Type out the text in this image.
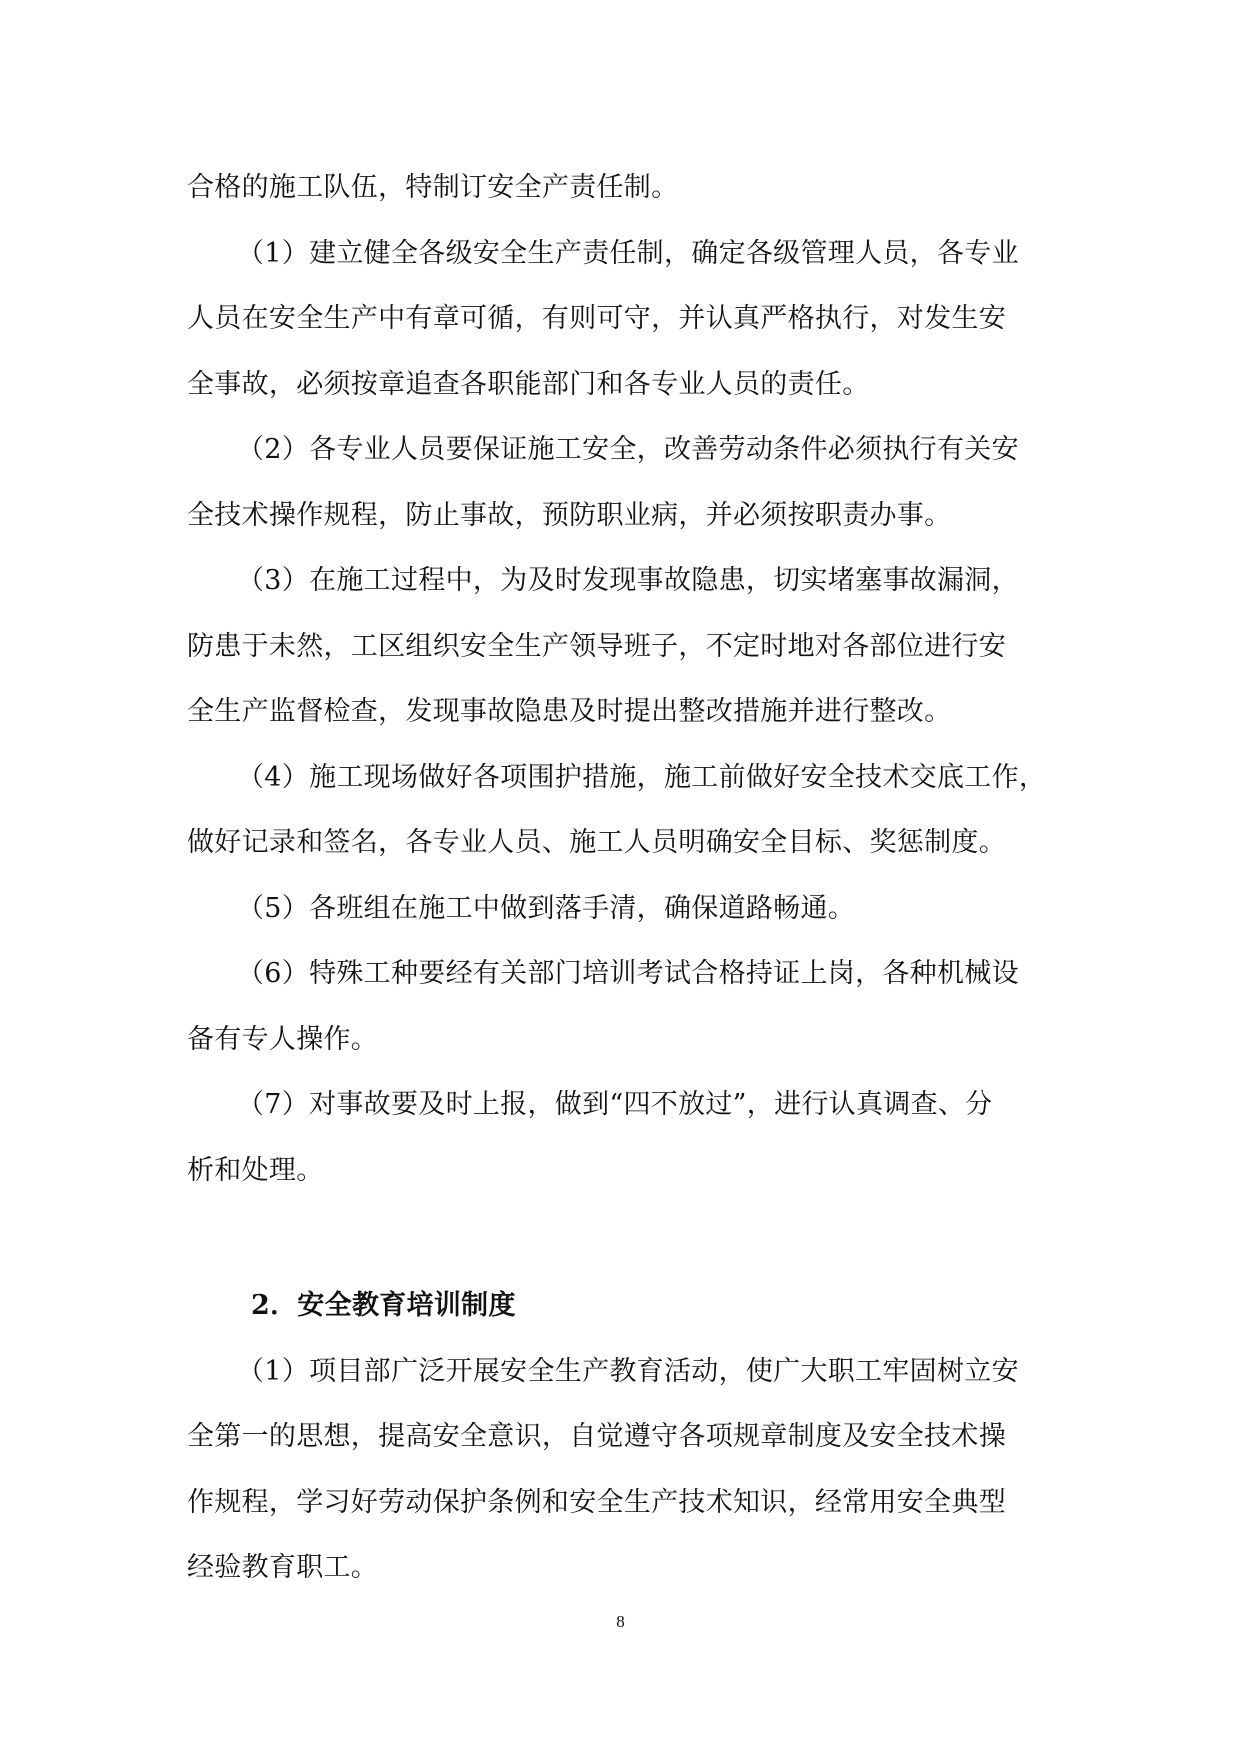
合格的施工队伍，特制订安全产责任制。
（1）建立健全各级安全生产责任制，确定各级管理人员，各专业
人员在安全生产中有章可循，有则可守，并认真严格执行，对发生安
全事故，必须按章追查各职能部门和各专业人员的责任。
（2）各专业人员要保证施工安全，改善劳动条件必须执行有关安
全技术操作规程，防止事故，预防职业病，并必须按职责办事。
（3）在施工过程中，为及时发现事故隐患，切实堵塞事故漏洞，
防患于未然，工区组织安全生产领导班子，不定时地对各部位进行安
全生产监督检查，发现事故隐患及时提出整改措施并进行整改。
（4）施工现场做好各项围护措施，施工前做好安全技术交底工作，
做好记录和签名，各专业人员、施工人员明确安全目标、奖惩制度。
（5）各班组在施工中做到落手清，确保道路畅通。
（6）特殊工种要经有关部门培训考试合格持证上岗，各种机械设
备有专人操作。
（7）对事故要及时上报，做到“四不放过”，进行认真调查、分
析和处理。
2．安全教育培训制度
（1）项目部广泛开展安全生产教育活动，使广大职工牢固树立安
全第一的思想，提高安全意识，自觉遵守各项规章制度及安全技术操
作规程，学习好劳动保护条例和安全生产技术知识，经常用安全典型
经验教育职工。
8
